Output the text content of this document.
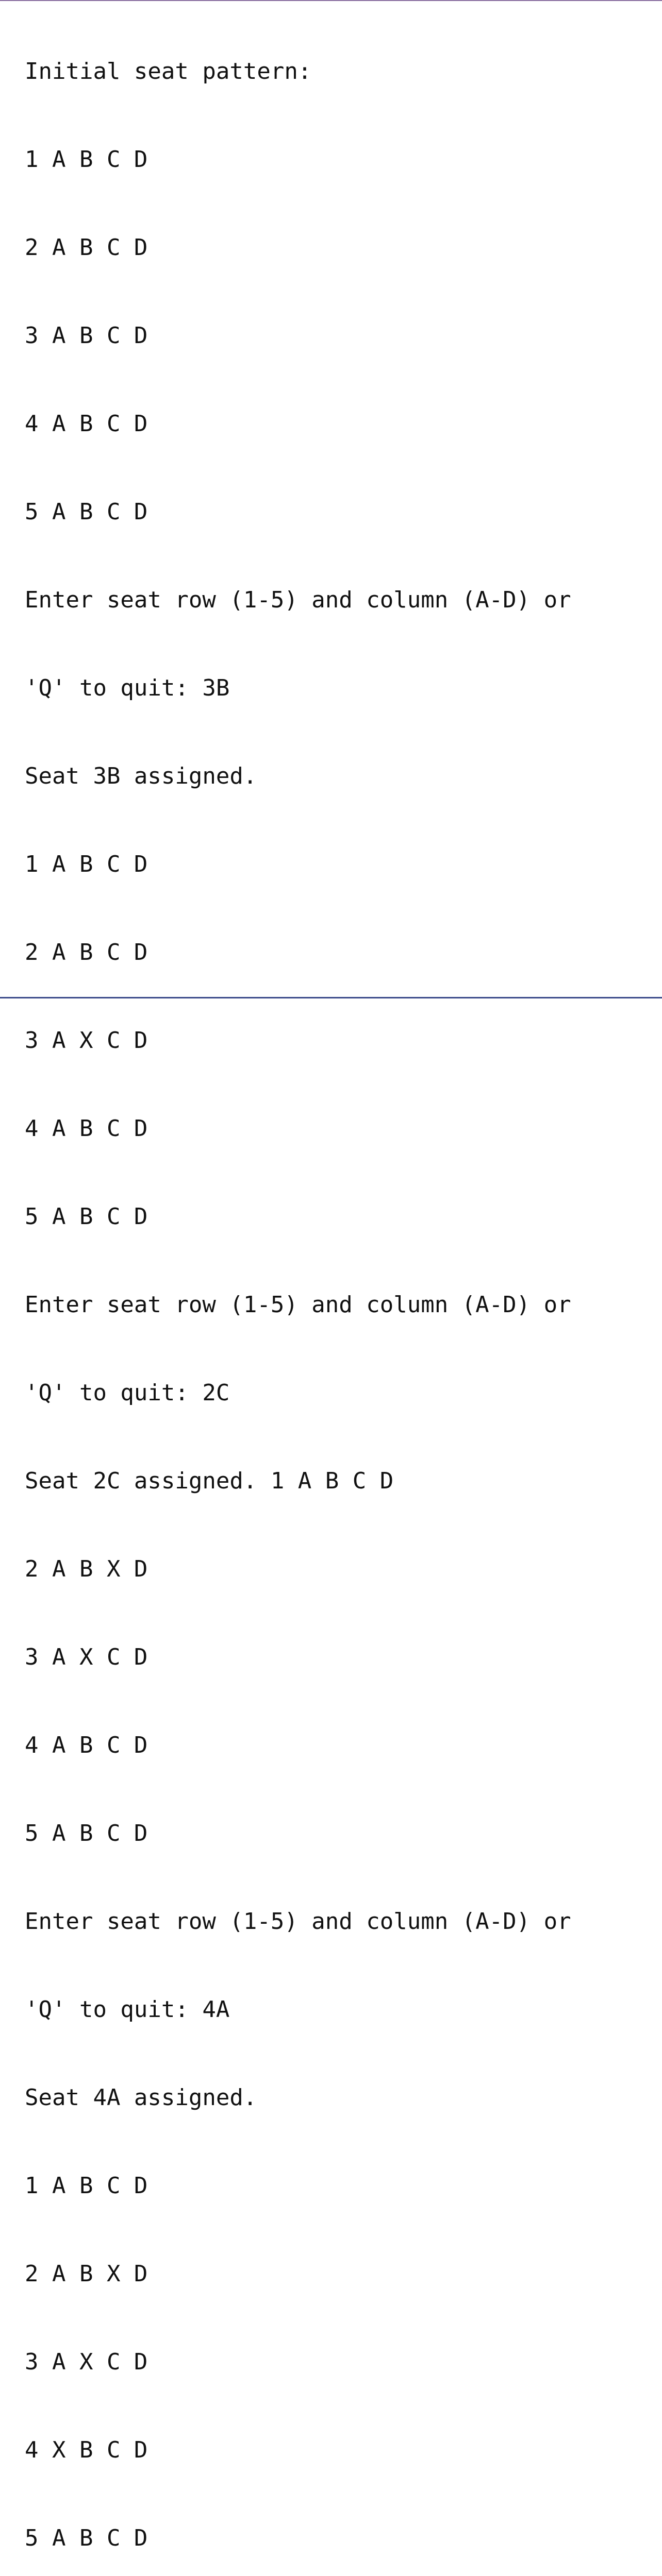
Initial seat pattern:

1 A B C D

2 A B C D

3 A B C D

4 A B C D

5 A B C D

Enter seat row (1-5) and column (A-D) or

'Q' to quit: 3B

Seat 3B assigned.

1 A B C D

2 A B C D

3 A X C D

4 A B C D

5 A B C D

Enter seat row (1-5) and column (A-D) or

'Q' to quit: 2C

Seat 2C assigned. 1 A B C D

2 A B X D

3 A X C D

4 A B C D

5 A B C D

Enter seat row (1-5) and column (A-D) or

'Q' to quit: 4A

Seat 4A assigned.

1 A B C D

2 A B X D

3 A X C D

4 X B C D

5 A B C D
